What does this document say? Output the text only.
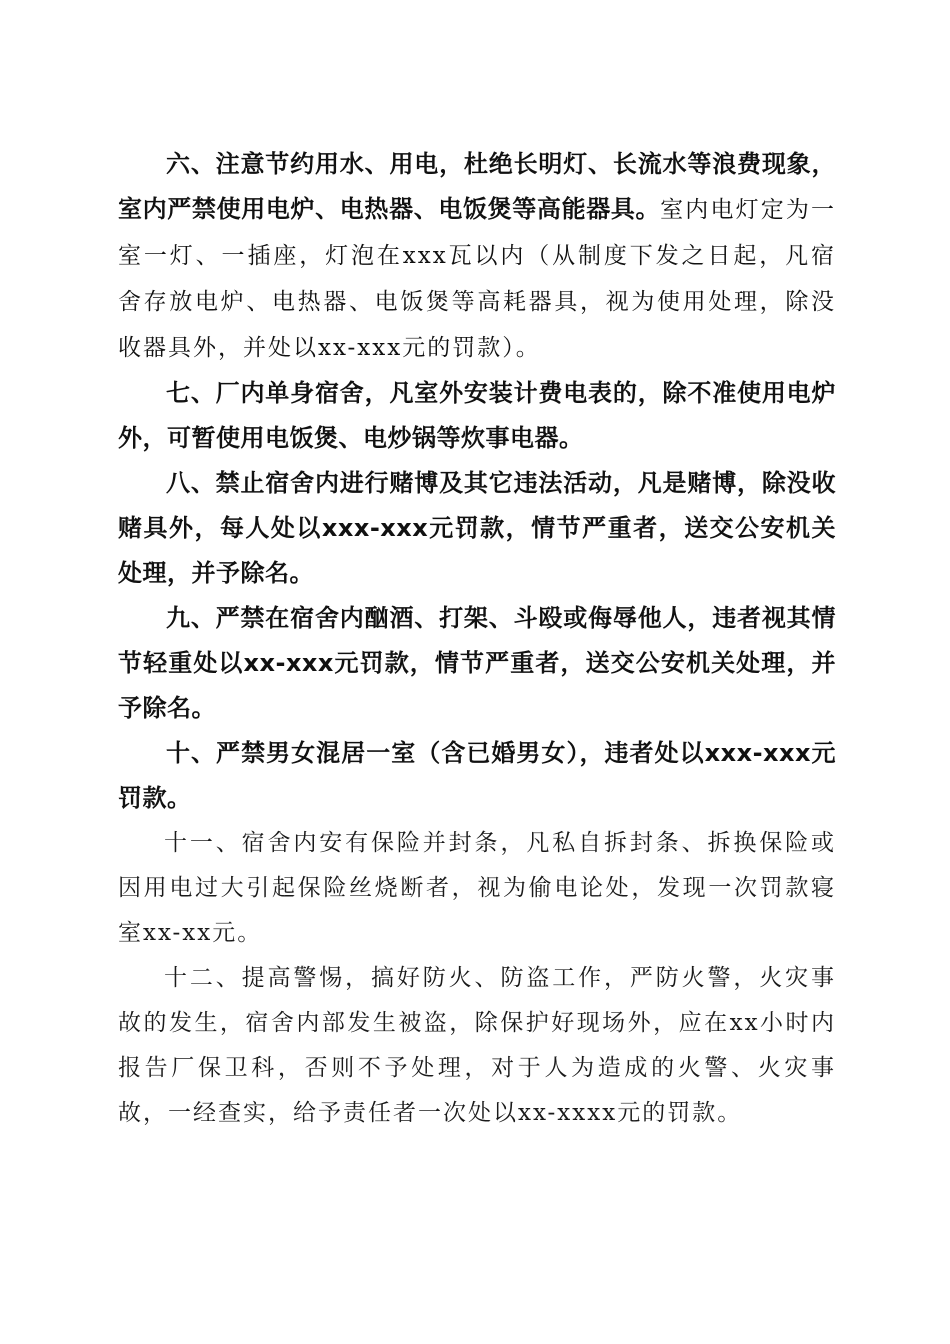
六、注意节约用水、用电，杜绝长明灯、长流水等浪费现象，室内严禁使用电炉、电热器、电饭煲等高能器具。室内电灯定为一室一灯、一插座，灯泡在xxx瓦以内（从制度下发之日起，凡宿舍存放电炉、电热器、电饭煲等高耗器具，视为使用处理，除没收器具外，并处以xx-xxx元的罚款）。

七、厂内单身宿舍，凡室外安装计费电表的，除不准使用电炉外，可暂使用电饭煲、电炒锅等炊事电器。

八、禁止宿舍内进行赌博及其它违法活动，凡是赌博，除没收赌具外，每人处以xxx-xxx元罚款，情节严重者，送交公安机关处理，并予除名。

九、严禁在宿舍内酗酒、打架、斗殴或侮辱他人，违者视其情节轻重处以xx-xxx元罚款，情节严重者，送交公安机关处理，并予除名。

十、严禁男女混居一室（含已婚男女），违者处以xxx-xxx元罚款。

十一、宿舍内安有保险并封条，凡私自拆封条、拆换保险或因用电过大引起保险丝烧断者，视为偷电论处，发现一次罚款寝室xx-xx元。

十二、提高警惕，搞好防火、防盗工作，严防火警，火灾事故的发生，宿舍内部发生被盗，除保护好现场外，应在xx小时内报告厂保卫科，否则不予处理，对于人为造成的火警、火灾事故，一经查实，给予责任者一次处以xx-xxxx元的罚款。
